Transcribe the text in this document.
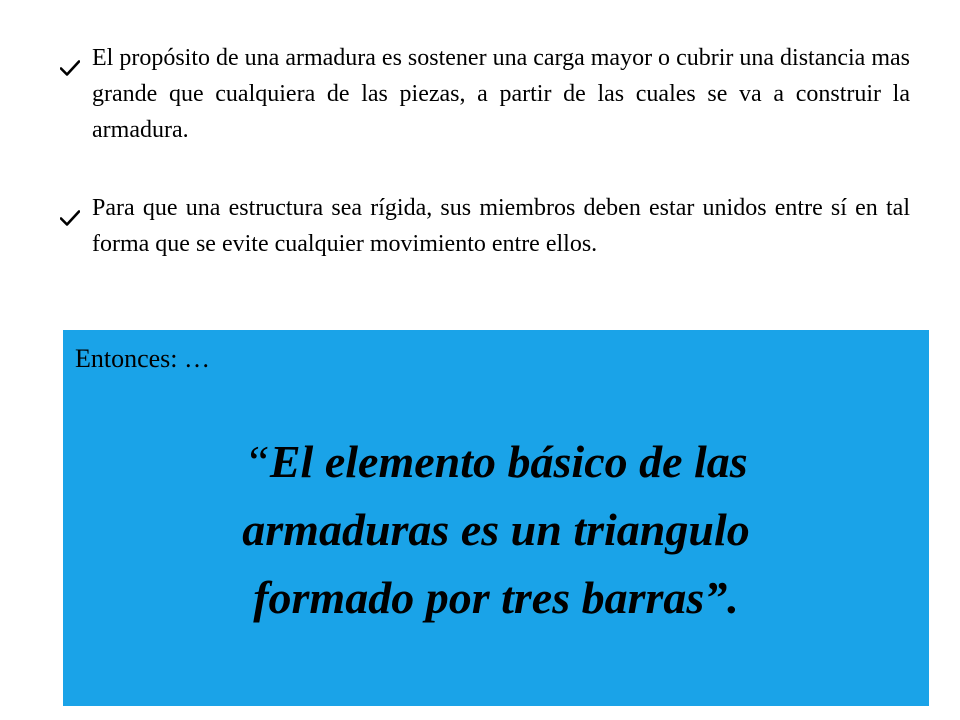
El propósito de una armadura es sostener una carga mayor o cubrir una distancia mas grande que cualquiera de las piezas, a partir de las cuales se va a construir la armadura.
Para que una estructura sea rígida, sus miembros deben estar unidos entre sí en tal forma que se evite cualquier movimiento entre ellos.
Entonces: …
“El elemento básico de las
armaduras es un triangulo
formado por tres barras”.
